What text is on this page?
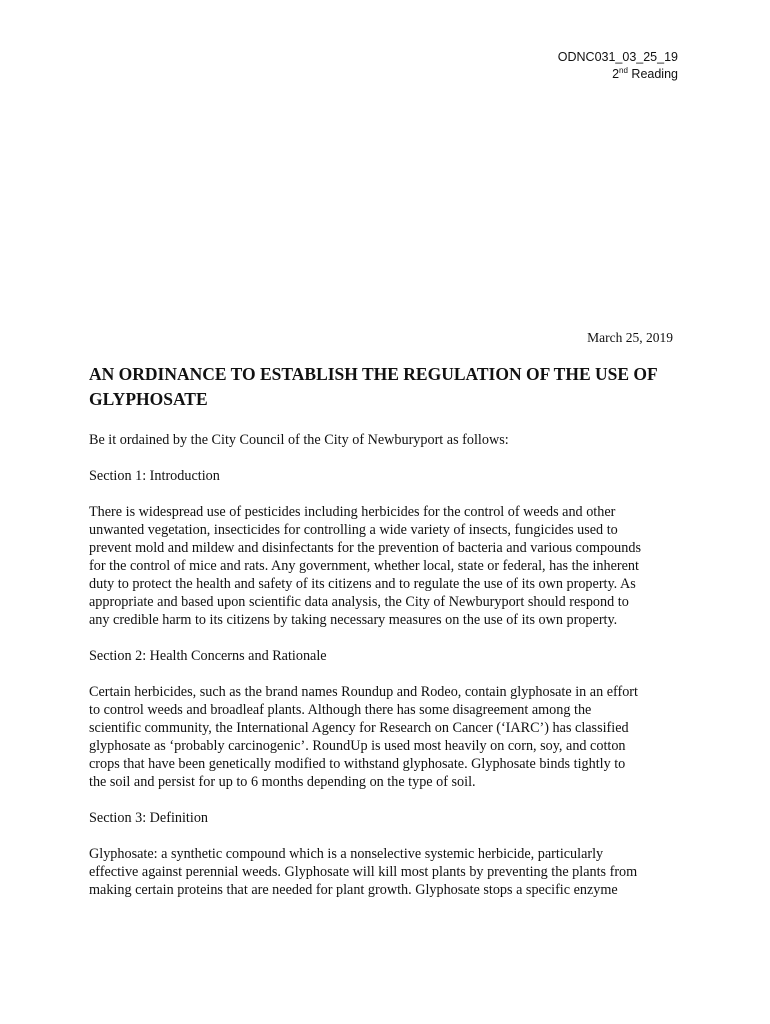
ODNC031_03_25_19
2nd Reading
March 25, 2019
AN ORDINANCE TO ESTABLISH THE REGULATION OF THE USE OF
GLYPHOSATE

Be it ordained by the City Council of the City of Newburyport as follows:

Section 1: Introduction

There is widespread use of pesticides including herbicides for the control of weeds and other
unwanted vegetation, insecticides for controlling a wide variety of insects, fungicides used to
prevent mold and mildew and disinfectants for the prevention of bacteria and various compounds
for the control of mice and rats. Any government, whether local, state or federal, has the inherent
duty to protect the health and safety of its citizens and to regulate the use of its own property. As
appropriate and based upon scientific data analysis, the City of Newburyport should respond to
any credible harm to its citizens by taking necessary measures on the use of its own property.

Section 2: Health Concerns and Rationale

Certain herbicides, such as the brand names Roundup and Rodeo, contain glyphosate in an effort
to control weeds and broadleaf plants. Although there has some disagreement among the
scientific community, the International Agency for Research on Cancer (‘IARC’) has classified
glyphosate as ‘probably carcinogenic’. RoundUp is used most heavily on corn, soy, and cotton
crops that have been genetically modified to withstand glyphosate. Glyphosate binds tightly to
the soil and persist for up to 6 months depending on the type of soil.

Section 3: Definition

Glyphosate: a synthetic compound which is a nonselective systemic herbicide, particularly
effective against perennial weeds. Glyphosate will kill most plants by preventing the plants from
making certain proteins that are needed for plant growth. Glyphosate stops a specific enzyme
